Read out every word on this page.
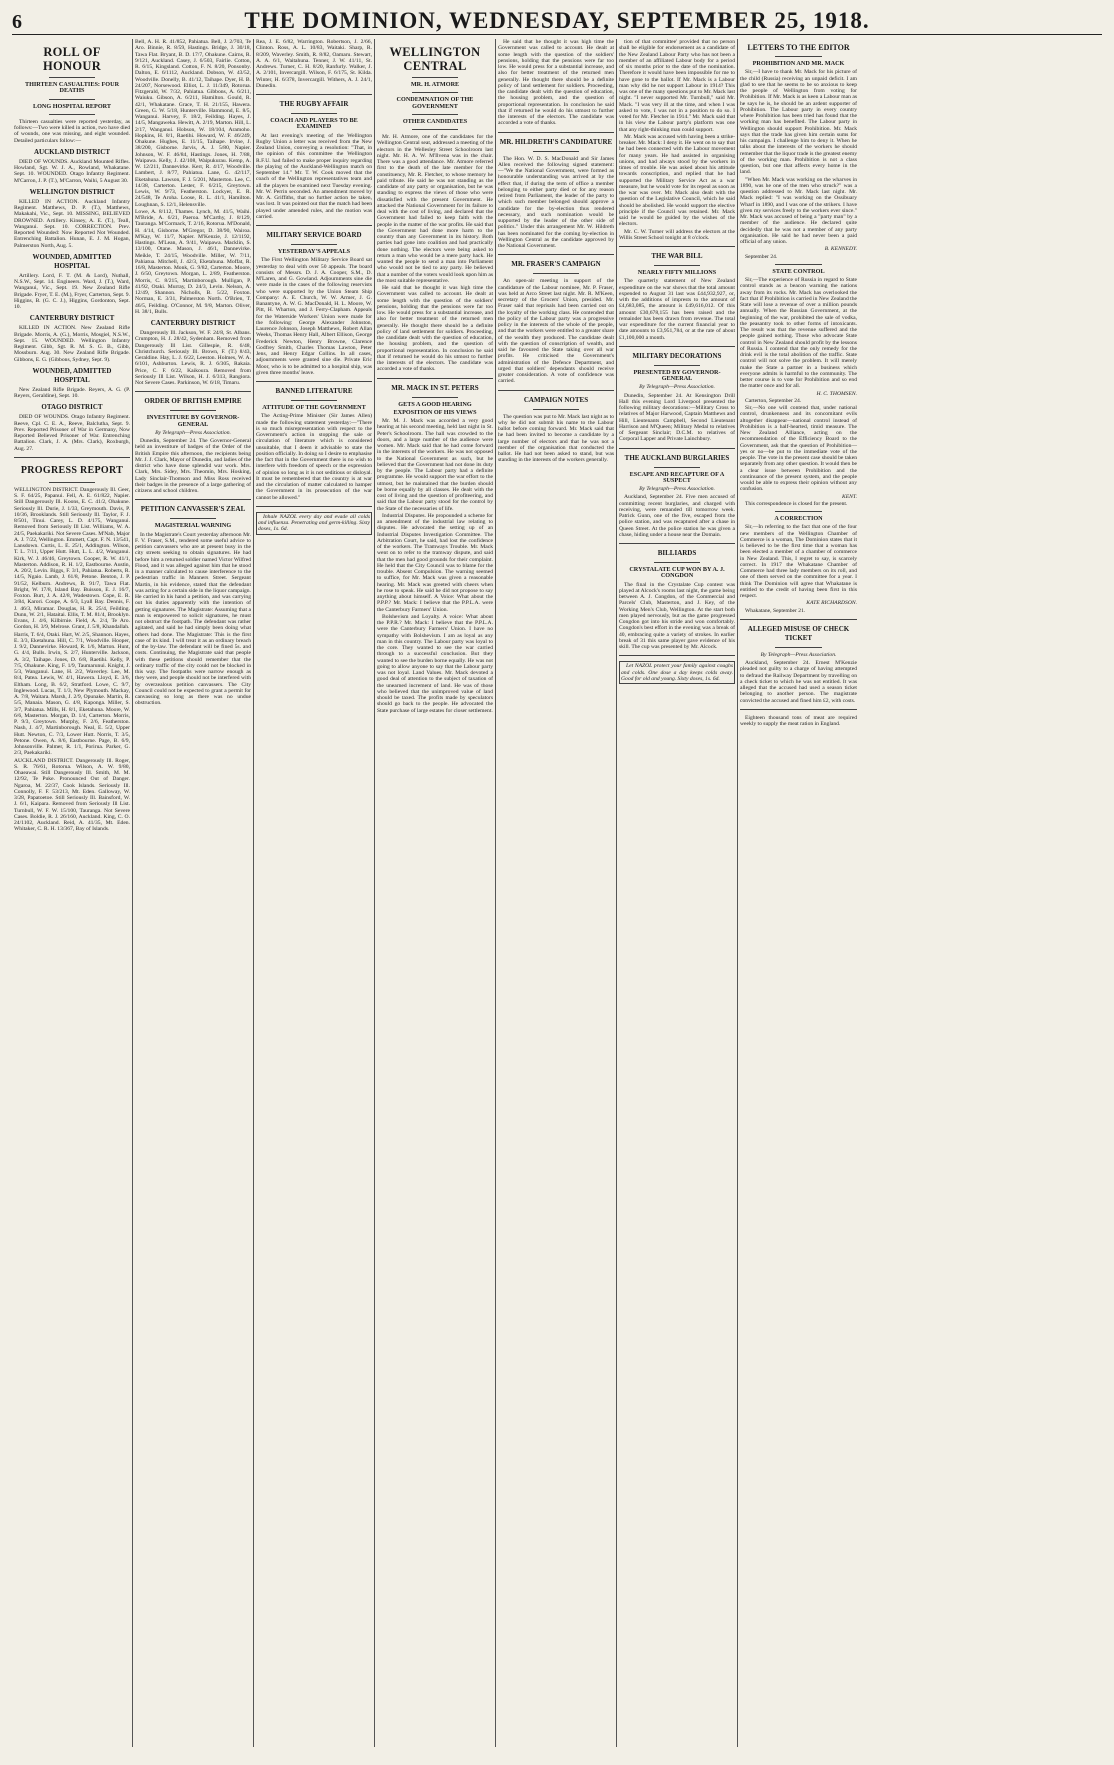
6	THE DOMINION, WEDNESDAY, SEPTEMBER 25, 1918.
ROLL OF HONOUR
THIRTEEN CASUALTIES: FOUR DEATHS
LONG HOSPITAL REPORT

Thirteen casualties were reported yesterday, as follows:—Two were killed in action, two have died of wounds, one was missing, and eight wounded. Detailed particulars follow:—

AUCKLAND DISTRICT

DIED OF WOUNDS. Auckland Mounted Rifles. Howland, Sgt. W. J. A., Rowland, Whakatane. Sept. 10. WOUNDED. Otago Infantry Regiment. M'Carron, J. P. (T.), M'Carron, Waihi, 5 August 30.

WELLINGTON DISTRICT

KILLED IN ACTION. Auckland Infantry Regiment. Matthews, D. P. (T.), Matthews, Makakahi, Vic., Sept. 10. MISSING, BELIEVED DROWNED. Artillery. Kinsey, A. E. (T.), Teall, Wanganui. Sept. 10. CORRECTION. Prev. Reported Wounded: Now Reported Not Wounded. Entrenching Battalion. Hunan, E. J. M. Hogan, Palmerston North, Aug. 5.

WOUNDED, ADMITTED HOSPITAL

Artillery. Lord, F. T. (M. & Lord), Nuthall, N.S.W., Sept. 14. Engineers. Ward, J. (T.), Ward, Wanganui, Vic., Sept. 19. New Zealand Rifle Brigade. Fryer, T. E. (M.), Fryer, Carterton, Sept. 9. Higgins, B. (G. C. J.), Higgins, Gordonton, Sept. 10.

CANTERBURY DISTRICT

KILLED IN ACTION. New Zealand Rifle Brigade. Morris, A. (G.), Morris, Mosgiel, N.S.W., Sept. 15. WOUNDED. Wellington Infantry Regiment. Gibb, Sgt. R. M. S. G. B., Gibb, Mossburn. Aug. 30. New Zealand Rifle Brigade. Gibbons, E. G. (Gibbons, Sydney, Sept. 9).

WOUNDED, ADMITTED HOSPITAL

New Zealand Rifle Brigade. Reyers, A. G. (P. Reyers, Geraldine), Sept. 10.

OTAGO DISTRICT

DIED OF WOUNDS. Otago Infantry Regiment. Reeve, Cpl. C. E. A., Reeve, Balclutha, Sept. 9. Prev. Reported Prisoner of War in Germany, Now Reported Believed Prisoner of War. Entrenching Battalion. Clark, J. A. (Mrs. Clark), Roxburgh, Aug. 27.

PROGRESS REPORT

WELLINGTON DISTRICT. Dangerously Ill. Geer, S. F. 64/25, Papanui. Fell, A. E. 61/822, Napier. Still Dangerously Ill. Koons, E. C. 41/2, Ohakune. Seriously Ill. Durie, J. 1/33, Greymouth. Davis, P. 10/36, Brooklands. Still Seriously Ill. Taylor, F. J. 8/501, Tinui. Carey, L. D. 4/175, Wanganui. Removed from Seriously Ill List. Williams, W. A. 24/5, Paekakariki. Not Severe Cases. M'Nab, Major A. J. 7/22, Wellington. Emmett, Capt. F. N. 13/541, Lansdown. Curtis, L. E. 25/1, Addington. Wilson, T. L. 7/11, Upper Hutt. Hutt, L. L. 4/2, Wanganui. Kirk, W. J. 46/46, Greytown. Cooper, R. W. 41/1, Masterton. Addison, R. H. 1/2, Eastbourne. Austin, A. 20/2, Levin. Biggs, F. 3/1, Pahiatua. Roberts, R. 14/5, Ngaio. Lamb, J. 61/8, Petone. Benton, J. P. 91/52, Kelburn. Andrews, B. 91/7, Tawa Flat. Bright, W. 17/8, Island Bay. Buisson, E. J. 16/7, Foxton. Burt, J. A. 42/8, Wadestown. Cope, E. R. 3/84, Karori. Coupe, A. 6/3, Lyall Bay. Dennis, F. J. 46/3, Miramar. Douglas, H. R. 25/4, Feilding. Dunn, W. 2/1, Hataitai. Ellis, T. M. 81/4, Brooklyn. Evans, J. 4/6, Kilbirnie. Field, A. 2/4, Te Aro. Gordon, H. 3/9, Melrose. Grant, J. 5/8, Khandallah.

Harris, T. 6/4, Otaki. Hart, W. 2/5, Shannon. Hayes, E. 3/3, Eketahuna. Hill, C. 7/1, Woodville. Hooper, J. 9/2, Dannevirke. Howard, R. 1/6, Marton. Hunt, G. 4/4, Bulls. Irwin, S. 2/7, Hunterville. Jackson, A. 3/2, Taihape. Jones, D. 6/8, Raetihi. Kelly, P. 7/5, Ohakune. King, F. 1/9, Taumarunui. Knight, J. 5/3, Wanganui. Lane, H. 2/2, Waverley. Lee, M. 8/4, Patea. Lewis, W. 4/1, Hawera. Lloyd, E. 3/6, Eltham. Long, B. 6/2, Stratford. Lowe, C. 9/7, Inglewood. Lucas, T. 1/3, New Plymouth. Mackay, A. 7/8, Waitara. Marsh, J. 2/9, Opunake. Martin, R. 5/5, Manaia. Mason, G. 4/8, Kaponga. Miller, S. 3/7, Pahiatua. Mills, H. 8/1, Eketahuna. Moore, W. 6/6, Masterton. Morgan, D. 1/4, Carterton. Morris, P. 9/3, Greytown. Murphy, F. 2/6, Featherston. Nash, J. 4/7, Martinborough. Neal, E. 5/2, Upper Hutt. Newton, C. 7/3, Lower Hutt. Norris, T. 3/5, Petone. Owen, A. 8/6, Eastbourne. Page, B. 6/9, Johnsonville. Palmer, R. 1/1, Porirua. Parker, G. 2/3, Paekakariki.

AUCKLAND DISTRICT. Dangerously Ill. Roger, S. R. 76/61, Rotorua. Wilson, A. W. 9/80, Ohaeawai. Still Dangerously Ill. Smith, M. M. 12/92, Te Puke. Pronounced Out of Danger. Ngaroa, M. 22/37, Cook Islands. Seriously Ill. Connolly, F. F. 53/213, Mt. Eden. Galloway, W. 3/28, Papatoetoe. Still Seriously Ill. Bainsford, W. J. 6/1, Kaipara. Removed from Seriously Ill List. Turnbull, W. F. W. 15/100, Tauranga. Not Severe Cases. Boldie, R. J. 26/160, Auckland. King, C. O. 24/1102, Auckland. Reid, A. 41/35, Mt. Eden. Whitaker, C. R. H. 13/367, Bay of Islands.

Bell, A. H. R. 41/852, Pahiatua. Bell, J. 2/703, Te Aro. Binnie, R. 8/59, Hastings. Bridge, J. 30/18, Tawa Flat. Bryant, B. D. 17/7, Ohakune. Cairns, R. 9/121, Auckland. Casey, J. 6/503, Fairlie. Cotton, R. 6/15, Kingsland. Cotton, F. N. 8/20, Ponsonby. Dalton, E. 6/1112, Auckland. Dobson, W. 43/52, Woodville. Donelly, B. 41/12, Taihape. Dyer, H. B. 24/207, Norsewood. Elliot, L. J. 11/349, Rotorua. Fitzgerald, W. 7/32, Pahiatua. Gibbons, A. 6/211, Waiuku. Gibson, A. 6/211, Hamilton. Gould, R. 42/1, Whakatane. Grace, T. H. 21/155, Hawera. Green, G. W. 5/18, Hunterville. Hammond, E. 8/5, Wanganui. Harvey, F. 18/2, Feilding. Hayes, J. 14/5, Mangaweka. Hewitt, A. 2/19, Marton. Hill, L. 2/17, Wanganui. Hobson, W. 18/104, Aramoho. Hopkins, H. 8/1, Raetihi. Howard, W. F. 46/249, Ohakune. Hughes, E. 11/15, Taihape. Irvine, J. 38/200, Gisborne. Jarvis, A. J. 5/80, Napier. Johnson, W. F. 46/84, Hastings. Jones, H. 7/88, Waipawa. Kelly, J. 42/108, Waipukurau. Kemp, A. W. 12/211, Dannevirke. Kerr, R. 4/17, Woodville. Lambert, J. 8/77, Pahiatua. Lane, G. 42/117, Eketahuna. Lawson, F. J. 5/201, Masterton. Lee, C. 14/38, Carterton. Lester, F. 6/215, Greytown. Lewis, W. 9/73, Featherston. Lockyer, E. R. 24/548, Te Aroha. Loose, R. L. 41/1, Hamilton. Loughnan, S. 12/1, Helensville.

Lowe, A. 8/112, Thames. Lynch, M. 41/5, Waihi. M'Bride, A. 6/21, Paeroa. M'Carthy, J. 8/129, Tauranga. M'Cormack, T. 2/16, Rotorua. M'Donald, H. 4/14, Gisborne. M'Gregor, D. 38/90, Wairoa. M'Kay, W. 11/7, Napier. M'Kenzie, J. 12/1192, Hastings. M'Lean, A. 9/41, Waipawa. Macklin, S. 13/100, Otane. Mason, J. 46/1, Dannevirke. Meikle, T. 24/15, Woodville. Miller, W. 7/11, Pahiatua. Mitchell, J. 42/3, Eketahuna. Moffat, R. 16/8, Masterton. Monk, G. 9/82, Carterton. Moore, J. 6/50, Greytown. Morgan, L. 2/89, Featherston. Morris, C. 8/215, Martinborough. Mulligan, P. 41/92, Otaki. Murray, D. 24/3, Levin. Nelson, A. 12/49, Shannon. Nicholls, B. 5/22, Foxton. Norman, E. 3/31, Palmerston North. O'Brien, T. 46/5, Feilding. O'Connor, M. 9/8, Marton. Oliver, H. 38/1, Bulls.

CANTERBURY DISTRICT

Dangerously Ill. Jackson, W. F. 24/8, St. Albans. Crumpton, H. J. 28/42, Sydenham. Removed from Dangerously Ill List. Gillespie, R. 6/48, Christchurch. Seriously Ill. Brown, F. (T.) 8/43, Geraldine. Hay, L. J. 6/22, Leeston. Holmes, W. A. 6/101, Ashburton. Lewis, R. J. 6/305, Rakaia. Price, C. F. 6/22, Kaikoura. Removed from Seriously Ill List. Wilson, H. J. 6/313, Rangiora. Not Severe Cases. Parkinson, W. 6/18, Timaru.

ORDER OF BRITISH EMPIRE
INVESTITURE BY GOVERNOR-GENERAL
By Telegraph—Press Association.

Dunedin, September 24. The Governor-General held an investiture of badges of the Order of the British Empire this afternoon, the recipients being Mr. J. J. Clark, Mayor of Dunedin, and ladies of the district who have done splendid war work. Mrs. Clark, Mrs. Sidey, Mrs. Theomin, Mrs. Hosking, Lady Sinclair-Thomson and Miss Ross received their badges in the presence of a large gathering of citizens and school children.

PETITION CANVASSER'S ZEAL
MAGISTERIAL WARNING

In the Magistrate's Court yesterday afternoon Mr. F. V. Fraser, S.M., tendered some useful advice to petition canvassers who are at present busy in the city streets seeking to obtain signatures. He had before him a returned soldier named Victor Wilfred Flood, and it was alleged against him that he stood in a manner calculated to cause interference to the pedestrian traffic in Manners Street. Sergeant Martin, in his evidence, stated that the defendant was acting for a certain side in the liquor campaign. He carried in his hand a petition, and was carrying out his duties apparently with the intention of getting signatures. The Magistrate: Assuming that a man is empowered to solicit signatures, he must not obstruct the footpath. The defendant was rather agitated, and said he had simply been doing what others had done. The Magistrate: This is the first case of its kind. I will treat it as an ordinary breach of the by-law. The defendant will be fined 5s. and costs. Continuing, the Magistrate said that people with these petitions should remember that the ordinary traffic of the city could not be blocked in this way. The footpaths were narrow enough as they were, and people should not be interfered with by overzealous petition canvassers. The City Council could not be expected to grant a permit for canvassing so long as there was no undue obstruction.

Rea, J. E. 6/82, Warrington. Robertson, J. 2/66, Clinton. Ross, A. L. 10/83, Waitaki. Sharp, R. 8/209, Waverley. Smith, R. 8/82, Oamaru. Stewart, A. A. 6/1, Waitahuna. Tenner, J. W. 41/11, St. Andrews. Turner, C. H. 8/20, Ranfurly. Walker, J. A. 2/101, Invercargill. Wilson, F. 6/175, St. Kilda. Winter, H. 6/378, Invercargill. Withers, A. J. 24/1, Dunedin.

THE RUGBY AFFAIR
COACH AND PLAYERS TO BE EXAMINED

At last evening's meeting of the Wellington Rugby Union a letter was received from the New Zealand Union, conveying a resolution: "That, in the opinion of this committee the Wellington R.F.U. had failed to make proper inquiry regarding the playing of the Auckland-Wellington match on September 14." Mr. T. W. Cook moved that the coach of the Wellington representatives team and all the players be examined next Tuesday evening. Mr. W. Perrin seconded. An amendment moved by Mr. A. Griffiths, that no further action be taken, was lost. It was pointed out that the match had been played under amended rules, and the motion was carried.

MILITARY SERVICE BOARD
YESTERDAY'S APPEALS

The First Wellington Military Service Board sat yesterday to deal with over 50 appeals. The board consists of Messrs. D. J. A. Cooper, S.M., D. M'Laren, and G. Gowland. Adjournments sine die were made in the cases of the following reservists who were supported by the Union Steam Ship Company: A. E. Church, W. W. Armer, J. G. Banantyne, A. W. G. MacDonald, H. L. Moore, W. Pitt, H. Wharton, and J. Ferry-Clapham. Appeals for the Waterside Workers' Union were made for the following: George Alexander Johnston, Laurence Johnson, Joseph Matthews, Robert Allan Weeks, Thomas Henry Hall, Albert Ellison, George Frederick Newton, Henry Browne, Clarence Godfrey Smith, Charles Thomas Lawton, Peter Jens, and Henry Edgar Collins. In all cases, adjournments were granted sine die. Private Eric Moor, who is to be admitted to a hospital ship, was given three months' leave.

BANNED LITERATURE
ATTITUDE OF THE GOVERNMENT

The Acting-Prime Minister (Sir James Allen) made the following statement yesterday:—"There is so much misrepresentation with respect to the Government's action in stopping the sale or circulation of literature which is considered unsuitable, that I deem it advisable to state the position officially. In doing so I desire to emphasise the fact that in the Government there is no wish to interfere with freedom of speech or the expression of opinion so long as it is not seditious or disloyal. It must be remembered that the country is at war and the circulation of matter calculated to hamper the Government in its prosecution of the war cannot be allowed."

Inhale NAZOL every day and evade all colds and influenza. Penetrating and germ-killing. Sixty doses, 1s. 6d.

WELLINGTON CENTRAL
MR. H. ATMORE
CONDEMNATION OF THE GOVERNMENT
OTHER CANDIDATES

Mr. H. Atmore, one of the candidates for the Wellington Central seat, addressed a meeting of the electors in the Wellesley Street Schoolroom last night. Mr. H. A. W. M'Ilvena was in the chair. There was a good attendance. Mr. Atmore referred first to the death of the late member for the constituency, Mr. R. Fletcher, to whose memory he paid tribute. He said he was not standing as the candidate of any party or organisation, but he was standing to express the views of those who were dissatisfied with the present Government. He attacked the National Government for its failure to deal with the cost of living, and declared that the Government had failed to keep faith with the people in the matter of the war profits. He said that the Government had done more harm to the country than any Government in its history. Both parties had gone into coalition and had practically done nothing. The electors were being asked to return a man who would be a mere party hack. He wanted the people to send a man into Parliament who would not be tied to any party. He believed that a number of the voters would look upon him as the most suitable representative.

He said that he thought it was high time the Government was called to account. He dealt at some length with the question of the soldiers' pensions, holding that the pensions were far too low. He would press for a substantial increase, and also for better treatment of the returned men generally. He thought there should be a definite policy of land settlement for soldiers. Proceeding, the candidate dealt with the question of education, the housing problem, and the question of proportional representation. In conclusion he said that if returned he would do his utmost to further the interests of the electors. The candidate was accorded a vote of thanks.

MR. MACK IN ST. PETERS
GETS A GOOD HEARING
EXPOSITION OF HIS VIEWS

Mr. M. J. Mack was accorded a very good hearing at his second meeting, held last night in St. Peter's Schoolroom. The hall was crowded to the doors, and a large number of the audience were women. Mr. Mack said that he had come forward in the interests of the workers. He was not opposed to the National Government as such, but he believed that the Government had not done its duty by the people. The Labour party had a definite programme. He would support the war effort to the utmost, but he maintained that the burden should be borne equally by all classes. He dealt with the cost of living and the question of profiteering, and said that the Labour party stood for the control by the State of the necessaries of life.

Industrial Disputes. He propounded a scheme for an amendment of the industrial law relating to disputes. He advocated the setting up of an Industrial Disputes Investigation Committee. The Arbitration Court, he said, had lost the confidence of the workers. The Tramways Trouble. Mr. Mack went on to refer to the tramway dispute, and said that the men had good grounds for their complaint. He held that the City Council was to blame for the trouble. Absent Compulsion. The warning seemed to suffice, for Mr. Mack was given a reasonable hearing. Mr. Mack was greeted with cheers when he rose to speak. He said he did not propose to say anything about himself. A Voice: What about the P.P.P.? Mr. Mack: I believe that the P.P.L.A. were the Canterbury Farmers' Union.

Bolshevism and Loyalty. A voice: What about the P.P.R.? Mr. Mack: I believe that the P.P.L.A. were the Canterbury Farmers' Union. I have no sympathy with Bolshevism. I am as loyal as any man in this country. The Labour party was loyal to the core. They wanted to see the war carried through to a successful conclusion. But they wanted to see the burden borne equally. He was not going to allow anyone to say that the Labour party was not loyal. Land Values. Mr. Mack devoted a good deal of attention to the subject of taxation of the unearned increment of land. He was of those who believed that the unimproved value of land should be taxed. The profits made by speculators should go back to the people. He advocated the State purchase of large estates for closer settlement.

He said that he thought it was high time the Government was called to account. He dealt at some length with the question of the soldiers' pensions, holding that the pensions were far too low. He would press for a substantial increase, and also for better treatment of the returned men generally. He thought there should be a definite policy of land settlement for soldiers. Proceeding, the candidate dealt with the question of education, the housing problem, and the question of proportional representation. In conclusion he said that if returned he would do his utmost to further the interests of the electors. The candidate was accorded a vote of thanks.

MR. HILDRETH'S CANDIDATURE

The Hon. W. D. S. MacDonald and Sir James Allen received the following signed statement:—"We the National Government, were formed as honourable understanding was arrived at by the effect that, if during the term of office a member belonging to either party died or for any reason retired from Parliament, the leader of the party to which such member belonged should approve a candidate for the by-election thus rendered necessary, and such nomination would be supported by the leader of the other side of politics." Under this arrangement Mr. W. Hildreth has been nominated for the coming by-election in Wellington Central as the candidate approved by the National Government.

MR. FRASER'S CAMPAIGN

An open-air meeting in support of the candidature of the Labour nominee, Mr. P. Fraser, was held at Arco Street last night. Mr. R. M'Keen, secretary of the Grocers' Union, presided. Mr. Fraser said that reprisals had been carried out on the loyalty of the working class. He contended that the policy of the Labour party was a progressive policy in the interests of the whole of the people, and that the workers were entitled to a greater share of the wealth they produced. The candidate dealt with the question of conscription of wealth, and said he favoured the State taking over all war profits. He criticised the Government's administration of the Defence Department, and urged that soldiers' dependants should receive greater consideration. A vote of confidence was carried.

CAMPAIGN NOTES

The question was put to Mr. Mack last night as to why he did not submit his name to the Labour ballot before coming forward. Mr. Mack said that he had been invited to become a candidate by a large number of electors and that he was not a member of the organisation that conducted the ballot. He had not been asked to stand, but was standing in the interests of the workers generally.

tion of that committee' provided that no person shall be eligible for endorsement as a candidate of the New Zealand Labour Party who has not been a member of an affiliated Labour body for a period of six months prior to the date of the nomination. Therefore it would have been impossible for me to have gone to the ballot. If Mr. Mack is a Labour man why did he not support Labour in 1914? This was one of the many questions put to Mr. Mack last night. "I never supported Mr. Turnbull," said Mr. Mack. "I was very ill at the time, and when I was asked to vote, I was not in a position to do so. I voted for Mr. Fletcher in 1914." Mr. Mack said that in his view the Labour party's platform was one that any right-thinking man could support.

Mr. Mack was accused with having been a strike-breaker. Mr. Mack: I deny it. He went on to say that he had been connected with the Labour movement for many years. He had assisted in organising unions, and had always stood by the workers in times of trouble. He was asked about his attitude towards conscription, and replied that he had supported the Military Service Act as a war measure, but he would vote for its repeal as soon as the war was over. Mr. Mack also dealt with the question of the Legislative Council, which he said should be abolished. He would support the elective principle if the Council was retained. Mr. Mack said he would be guided by the wishes of the electors.

Mr. C. W. Turner will address the electors at the Willis Street School tonight at 8 o'clock.

THE WAR BILL
NEARLY FIFTY MILLIONS

The quarterly statement of New Zealand expenditure on the war shows that the total amount expended to August 31 last was £44,932,927, or, with the additions of imprests to the amount of £4,683,085, the amount is £49,616,012. Of this amount £30,678,155 has been raised and the remainder has been drawn from revenue. The total war expenditure for the current financial year to date amounts to £3,951,784, or at the rate of about £1,100,000 a month.

MILITARY DECORATIONS
PRESENTED BY GOVERNOR-GENERAL
By Telegraph—Press Association.

Dunedin, September 24. At Kensington Drill Hall this evening Lord Liverpool presented the following military decorations:—Military Cross to relatives of Major Harwood, Captain Matthews and Hill, Lieutenants Campbell, Second Lieutenant Harrison and M'Queen; Military Medal to relatives of Sergeant Sinclair; D.C.M. to relatives of Corporal Lapper and Private Lainchbury.

THE AUCKLAND BURGLARIES
ESCAPE AND RECAPTURE OF A SUSPECT
By Telegraph—Press Association.

Auckland, September 24. Five men accused of committing recent burglaries, and charged with receiving, were remanded till tomorrow week. Patrick Gunn, one of the five, escaped from the police station, and was recaptured after a chase in Queen Street. At the police station he was given a chase, hiding under a house near the Domain.

BILLIARDS
CRYSTALATE CUP WON BY A. J. CONGDON

The final in the Crystalate Cup contest was played at Alcock's rooms last night, the game being between A. J. Congdon, of the Commercial and Parcels' Club, Masterton, and J. Key, of the Working Men's Club, Wellington. At the start both men played nervously, but as the game progressed Congdon got into his stride and won comfortably. Congdon's best effort in the evening was a break of 40, embracing quite a variety of strokes. In earlier break of 31 this same player gave evidence of his skill. The cup was presented by Mr. Alcock.

Let NAZOL protect your family against coughs and colds. One dose a day keeps colds away. Good for old and young. Sixty doses, 1s. 6d.

LETTERS TO THE EDITOR
PROHIBITION AND MR. MACK

Sir,—I have to thank Mr. Mack for his picture of the child (Russia) receiving an unpaid deficit. I am glad to see that he seems to be so anxious to keep the people of Wellington from voting for Prohibition. If Mr. Mack is as keen a Labour man as he says he is, he should be an ardent supporter of Prohibition. The Labour party in every country where Prohibition has been tried has found that the working man has benefited. The Labour party in Wellington should support Prohibition. Mr. Mack says that the trade has given him certain sums for his campaign. I challenge him to deny it. When he talks about the interests of the workers he should remember that the liquor trade is the greatest enemy of the working man. Prohibition is not a class question, but one that affects every home in the land.

"When Mr. Mack was working on the wharves in 1890, was he one of the men who struck?" was a question addressed to Mr. Mack last night. Mr. Mack replied: "I was working on the Ossibuary Wharf in 1890, and I was one of the strikers. I have given my services freely to the workers ever since." Mr. Mack was accused of being a "party man" by a member of the audience. He declared quite decidedly that he was not a member of any party organisation. He said he had never been a paid official of any union.

B. KENNEDY.

September 24.

STATE CONTROL

Sir,—The experience of Russia in regard to State control stands as a beacon warning the nations away from its rocks. Mr. Mack has overlooked the fact that if Prohibition is carried in New Zealand the State will lose a revenue of over a million pounds annually. When the Russian Government, at the beginning of the war, prohibited the sale of vodka, the peasantry took to other forms of intoxicants. The result was that the revenue suffered and the people gained nothing. Those who advocate State control in New Zealand should profit by the lessons of Russia. I contend that the only remedy for the drink evil is the total abolition of the traffic. State control will not solve the problem. It will merely make the State a partner in a business which everyone admits is harmful to the community. The better course is to vote for Prohibition and so end the matter once and for all.

H. C. THOMSEN.

Carterton, September 24.

Sir,—No one will contend that, under national control, drunkenness and its concomitant evils altogether disappear—national control instead of Prohibition is a half-hearted, timid measure. The New Zealand Alliance, acting on the recommendation of the Efficiency Board to the Government, ask that the question of Prohibition—yes or no—be put to the immediate vote of the people. The vote in the present case should be taken separately from any other question. It would then be a clear issue between Prohibition and the continuance of the present system, and the people would be able to express their opinion without any confusion.

KENT.

This correspondence is closed for the present.

A CORRECTION

Sir,—In referring to the fact that one of the four new members of the Wellington Chamber of Commerce is a woman, The Dominion states that it is believed to be the first time that a woman has been elected a member of a chamber of commerce in New Zealand. This, I regret to say, is scarcely correct. In 1917 the Whakatane Chamber of Commerce had three lady members on its roll, and one of them served on the committee for a year. I think The Dominion will agree that Whakatane is entitled to the credit of having been first in this respect.

KATE RICHARDSON.

Whakatane, September 21.

ALLEGED MISUSE OF CHECK TICKET
By Telegraph—Press Association.

Auckland, September 24. Ernest M'Kenzie pleaded not guilty to a charge of having attempted to defraud the Railway Department by travelling on a check ticket to which he was not entitled. It was alleged that the accused had used a season ticket belonging to another person. The magistrate convicted the accused and fined him £2, with costs.

Eighteen thousand tons of meat are required weekly to supply the meat ration in England.
